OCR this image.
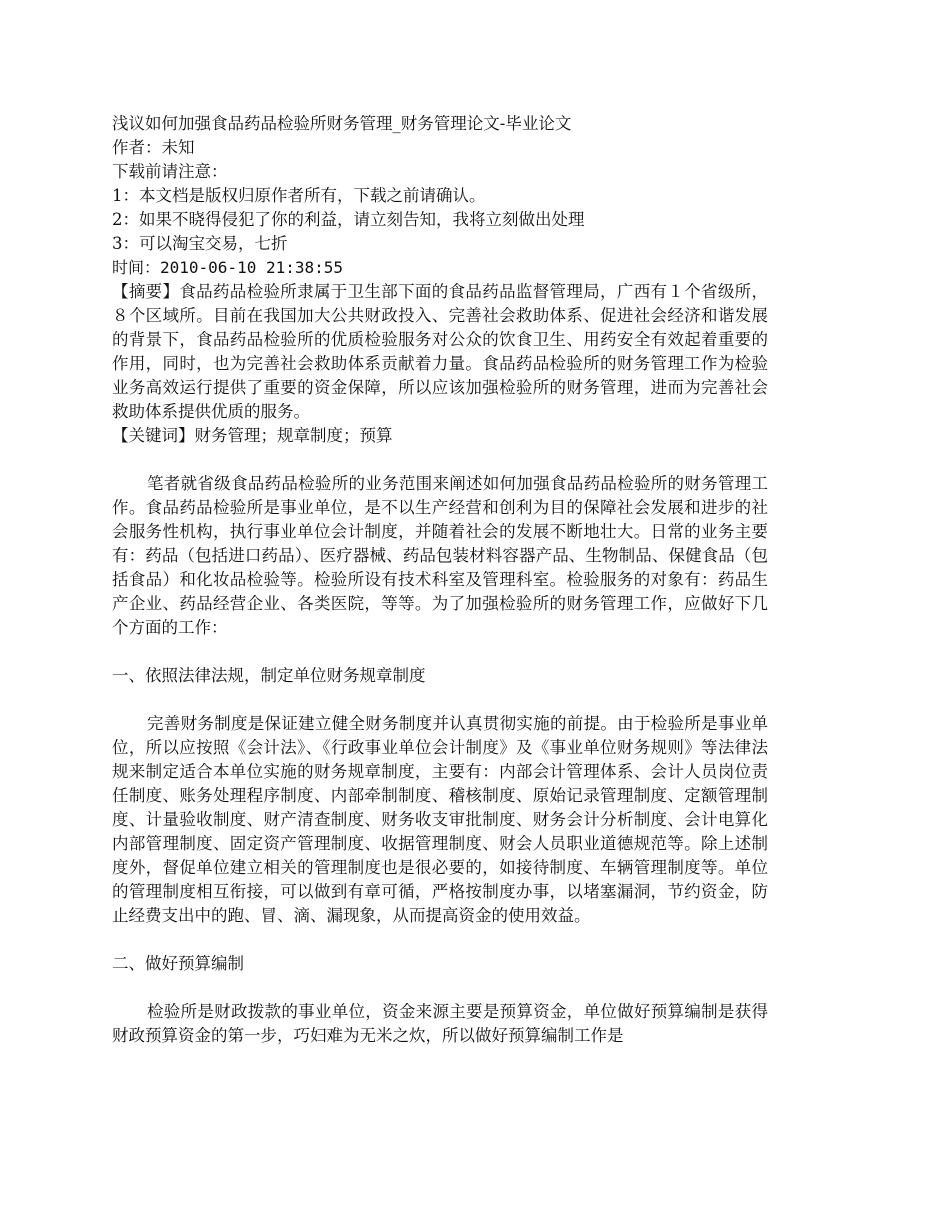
浅议如何加强食品药品检验所财务管理_财务管理论文-毕业论文

作者：未知

下载前请注意：

1：本文档是版权归原作者所有，下载之前请确认。

2：如果不晓得侵犯了你的利益，请立刻告知，我将立刻做出处理

3：可以淘宝交易，七折

时间：2010-06-10 21:38:55

【摘要】食品药品检验所隶属于卫生部下面的食品药品监督管理局，广西有１个省级所，８个区域所。目前在我国加大公共财政投入、完善社会救助体系、促进社会经济和谐发展的背景下，食品药品检验所的优质检验服务对公众的饮食卫生、用药安全有效起着重要的作用，同时，也为完善社会救助体系贡献着力量。食品药品检验所的财务管理工作为检验业务高效运行提供了重要的资金保障，所以应该加强检验所的财务管理，进而为完善社会救助体系提供优质的服务。

【关键词】财务管理；规章制度；预算

笔者就省级食品药品检验所的业务范围来阐述如何加强食品药品检验所的财务管理工作。食品药品检验所是事业单位，是不以生产经营和创利为目的保障社会发展和进步的社会服务性机构，执行事业单位会计制度，并随着社会的发展不断地壮大。日常的业务主要有：药品（包括进口药品）、医疗器械、药品包装材料容器产品、生物制品、保健食品（包括食品）和化妆品检验等。检验所设有技术科室及管理科室。检验服务的对象有：药品生产企业、药品经营企业、各类医院，等等。为了加强检验所的财务管理工作，应做好下几个方面的工作：

一、依照法律法规，制定单位财务规章制度

完善财务制度是保证建立健全财务制度并认真贯彻实施的前提。由于检验所是事业单位，所以应按照《会计法》、《行政事业单位会计制度》及《事业单位财务规则》等法律法规来制定适合本单位实施的财务规章制度，主要有：内部会计管理体系、会计人员岗位责任制度、账务处理程序制度、内部牵制制度、稽核制度、原始记录管理制度、定额管理制度、计量验收制度、财产清查制度、财务收支审批制度、财务会计分析制度、会计电算化内部管理制度、固定资产管理制度、收据管理制度、财会人员职业道德规范等。除上述制度外，督促单位建立相关的管理制度也是很必要的，如接待制度、车辆管理制度等。单位的管理制度相互衔接，可以做到有章可循，严格按制度办事，以堵塞漏洞，节约资金，防止经费支出中的跑、冒、滴、漏现象，从而提高资金的使用效益。

二、做好预算编制

检验所是财政拨款的事业单位，资金来源主要是预算资金，单位做好预算编制是获得财政预算资金的第一步，巧妇难为无米之炊，所以做好预算编制工作是
